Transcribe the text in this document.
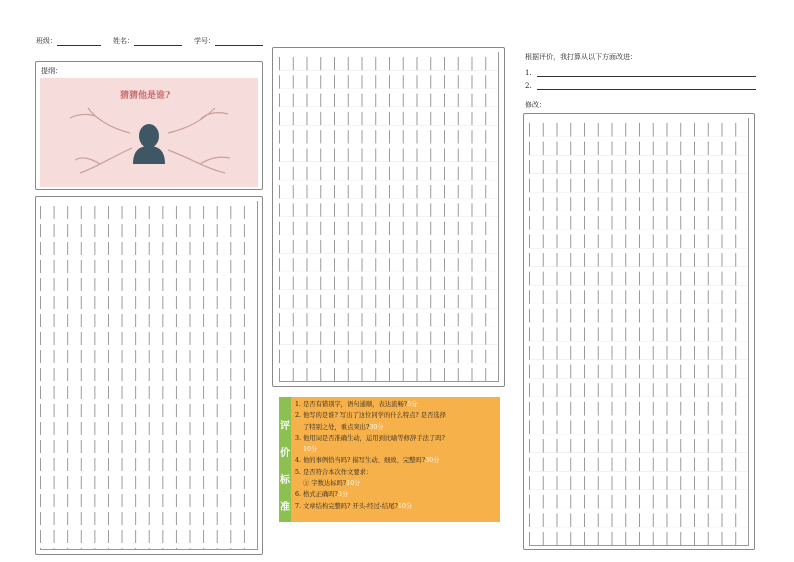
班级：	姓名：	学号：
提纲：
猜猜他是谁?
评
价
标
准
1. 是否有错别字，语句通顺，表达流畅?5分
2. 他写的是谁? 写出了这位同学的什么特点? 是否选择
了特别之处，重点突出?30分
3. 他用词是否准确生动，运用到比喻等修辞手法了吗?
10分
4. 他的事例恰当吗? 描写生动、细致、完整吗?30分
5. 是否符合本次作文要求：
① 字数达标吗?10分
6. 格式正确吗?5分
7. 文章结构完整吗? 开头-经过-结尾?10分
根据评价，我打算从以下方面改进：
1.
2.
修改：
